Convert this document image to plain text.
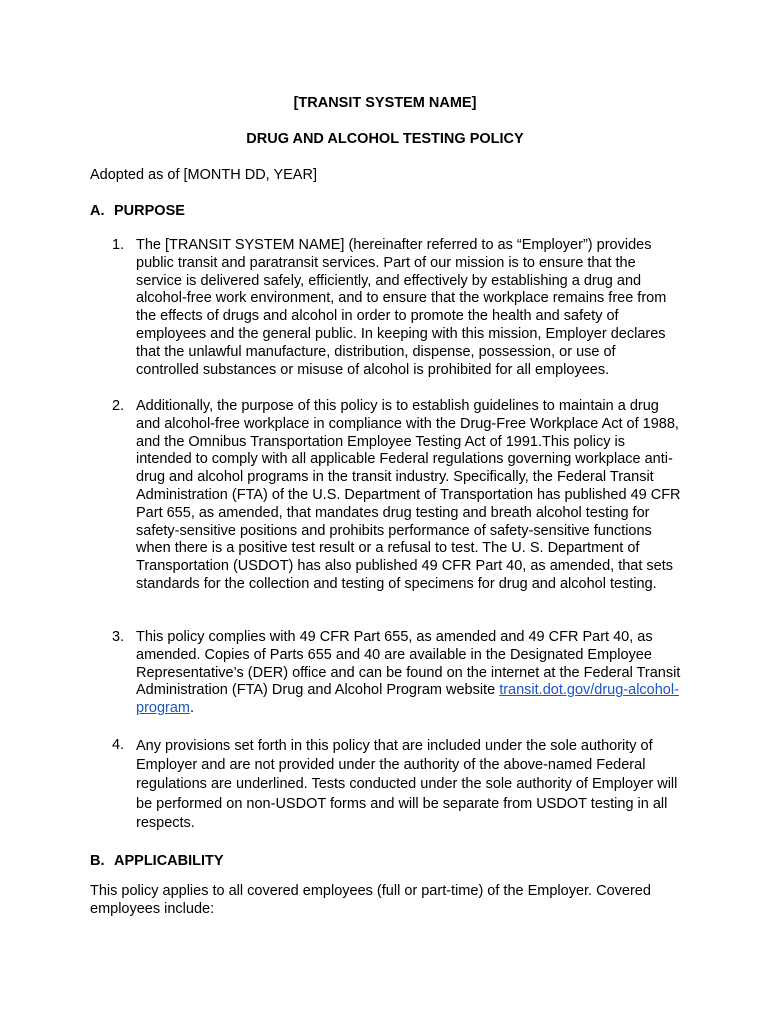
[TRANSIT SYSTEM NAME]
DRUG AND ALCOHOL TESTING POLICY
Adopted as of [MONTH DD, YEAR]
A. PURPOSE
1. The [TRANSIT SYSTEM NAME] (hereinafter referred to as “Employer”) provides public transit and paratransit services. Part of our mission is to ensure that the service is delivered safely, efficiently, and effectively by establishing a drug and alcohol-free work environment, and to ensure that the workplace remains free from the effects of drugs and alcohol in order to promote the health and safety of employees and the general public. In keeping with this mission, Employer declares that the unlawful manufacture, distribution, dispense, possession, or use of controlled substances or misuse of alcohol is prohibited for all employees.
2. Additionally, the purpose of this policy is to establish guidelines to maintain a drug and alcohol-free workplace in compliance with the Drug-Free Workplace Act of 1988, and the Omnibus Transportation Employee Testing Act of 1991.This policy is intended to comply with all applicable Federal regulations governing workplace anti-drug and alcohol programs in the transit industry. Specifically, the Federal Transit Administration (FTA) of the U.S. Department of Transportation has published 49 CFR Part 655, as amended, that mandates drug testing and breath alcohol testing for safety-sensitive positions and prohibits performance of safety-sensitive functions when there is a positive test result or a refusal to test. The U. S. Department of Transportation (USDOT) has also published 49 CFR Part 40, as amended, that sets standards for the collection and testing of specimens for drug and alcohol testing.
3. This policy complies with 49 CFR Part 655, as amended and 49 CFR Part 40, as amended. Copies of Parts 655 and 40 are available in the Designated Employee Representative’s (DER) office and can be found on the internet at the Federal Transit Administration (FTA) Drug and Alcohol Program website transit.dot.gov/drug-alcohol-program.
4. Any provisions set forth in this policy that are included under the sole authority of Employer and are not provided under the authority of the above-named Federal regulations are underlined. Tests conducted under the sole authority of Employer will be performed on non-USDOT forms and will be separate from USDOT testing in all respects.
B. APPLICABILITY
This policy applies to all covered employees (full or part-time) of the Employer. Covered employees include:
